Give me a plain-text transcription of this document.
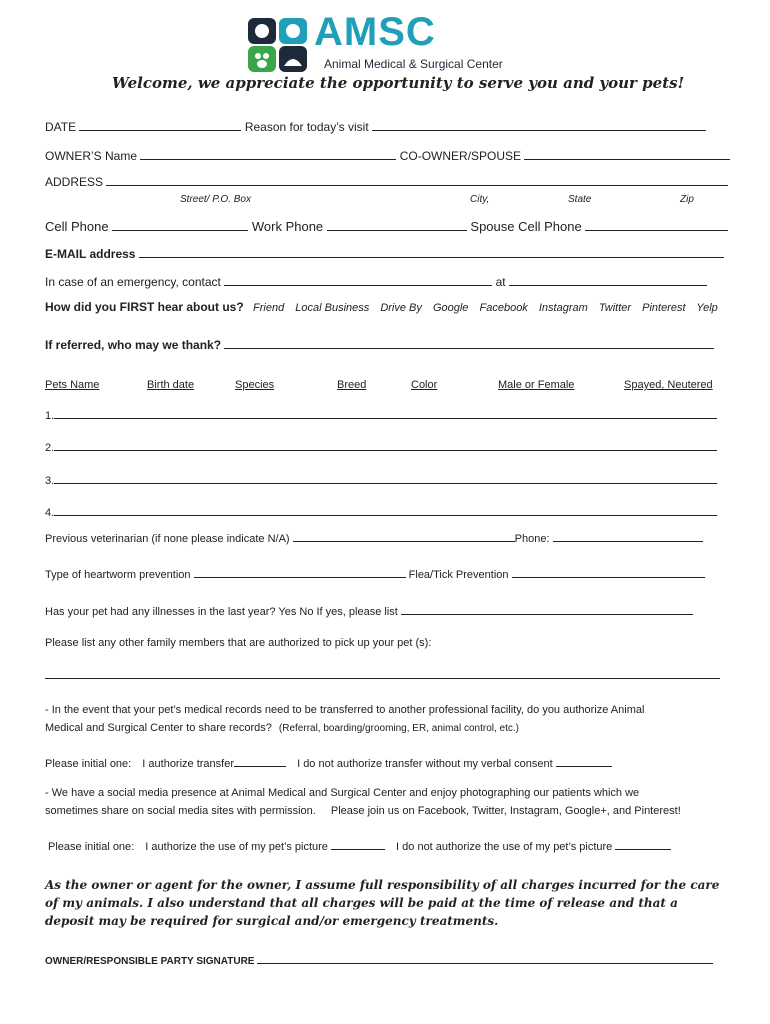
AMSC
Animal Medical & Surgical Center
Welcome, we appreciate the opportunity to serve you and your pets!
DATE	Reason for today’s visit
OWNER’S Name	CO-OWNER/SPOUSE
ADDRESS
Street/ P.O. Box	City,	State	Zip
Cell Phone	Work Phone	Spouse Cell Phone
E-MAIL address
In case of an emergency, contact	at
How did you FIRST hear about us? Friend Local Business Drive By Google Facebook Instagram Twitter Pinterest Yelp
If referred, who may we thank?
Pets Name	Birth date	Species	Breed	Color	Male or Female	Spayed, Neutered
1.
2.
3.
4.
Previous veterinarian (if none please indicate N/A)	Phone:
Type of heartworm prevention	Flea/Tick Prevention
Has your pet had any illnesses in the last year? Yes No If yes, please list
Please list any other family members that are authorized to pick up your pet (s):
- In the event that your pet’s medical records need to be transferred to another professional facility, do you authorize Animal
Medical and Surgical Center to share records? (Referral, boarding/grooming, ER, animal control, etc.)
Please initial one: I authorize transfer	I do not authorize transfer without my verbal consent
- We have a social media presence at Animal Medical and Surgical Center and enjoy photographing our patients which we
sometimes share on social media sites with permission. Please join us on Facebook, Twitter, Instagram, Google+, and Pinterest!
Please initial one: I authorize the use of my pet’s picture	I do not authorize the use of my pet’s picture
As the owner or agent for the owner, I assume full responsibility of all charges incurred for the care of my animals. I also understand that all charges will be paid at the time of release and that a deposit may be required for surgical and/or emergency treatments.
OWNER/RESPONSIBLE PARTY SIGNATURE
